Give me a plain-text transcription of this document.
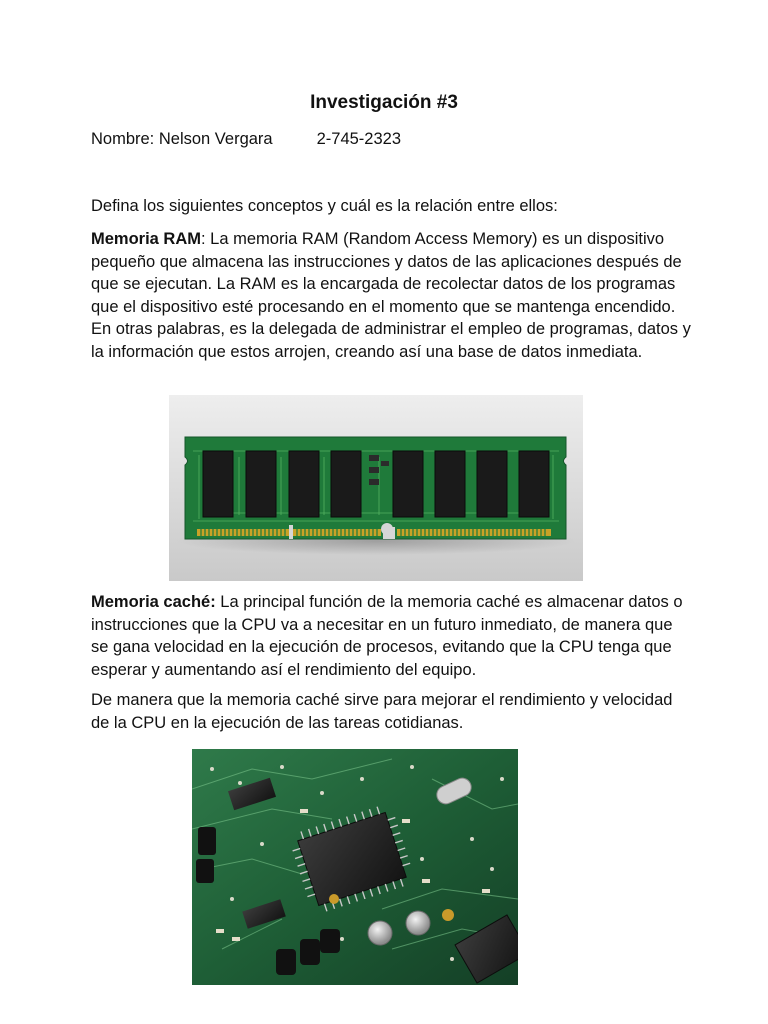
Investigación #3
Nombre: Nelson Vergara	2-745-2323
Defina los siguientes conceptos y cuál es la relación entre ellos:
Memoria RAM: La memoria RAM (Random Access Memory) es un dispositivo pequeño que almacena las instrucciones y datos de las aplicaciones después de que se ejecutan. La RAM es la encargada de recolectar datos de los programas que el dispositivo esté procesando en el momento que se mantenga encendido. En otras palabras, es la delegada de administrar el empleo de programas, datos y la información que estos arrojen, creando así una base de datos inmediata.
Memoria caché: La principal función de la memoria caché es almacenar datos o instrucciones que la CPU va a necesitar en un futuro inmediato, de manera que se gana velocidad en la ejecución de procesos, evitando que la CPU tenga que esperar y aumentando así el rendimiento del equipo.
De manera que la memoria caché sirve para mejorar el rendimiento y velocidad de la CPU en la ejecución de las tareas cotidianas.
